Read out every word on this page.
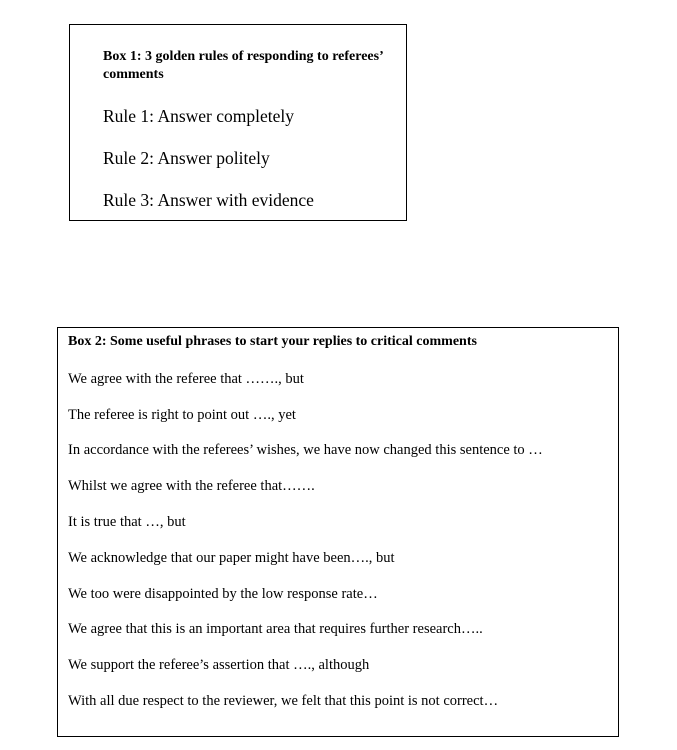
Box 1: 3 golden rules of responding to referees’ comments
Rule 1: Answer completely
Rule 2: Answer politely
Rule 3: Answer with evidence
Box 2: Some useful phrases to start your replies to critical comments
We agree with the referee that ……., but
The referee is right to point out …., yet
In accordance with the referees’ wishes, we have now changed this sentence to …
Whilst we agree with the referee that…….
It is true that …, but
We acknowledge that our paper might have been…., but
We too were disappointed by the low response rate…
We agree that this is an important area that requires further research…..
We support the referee’s assertion that …., although
With all due respect to the reviewer, we felt that this point is not correct…
